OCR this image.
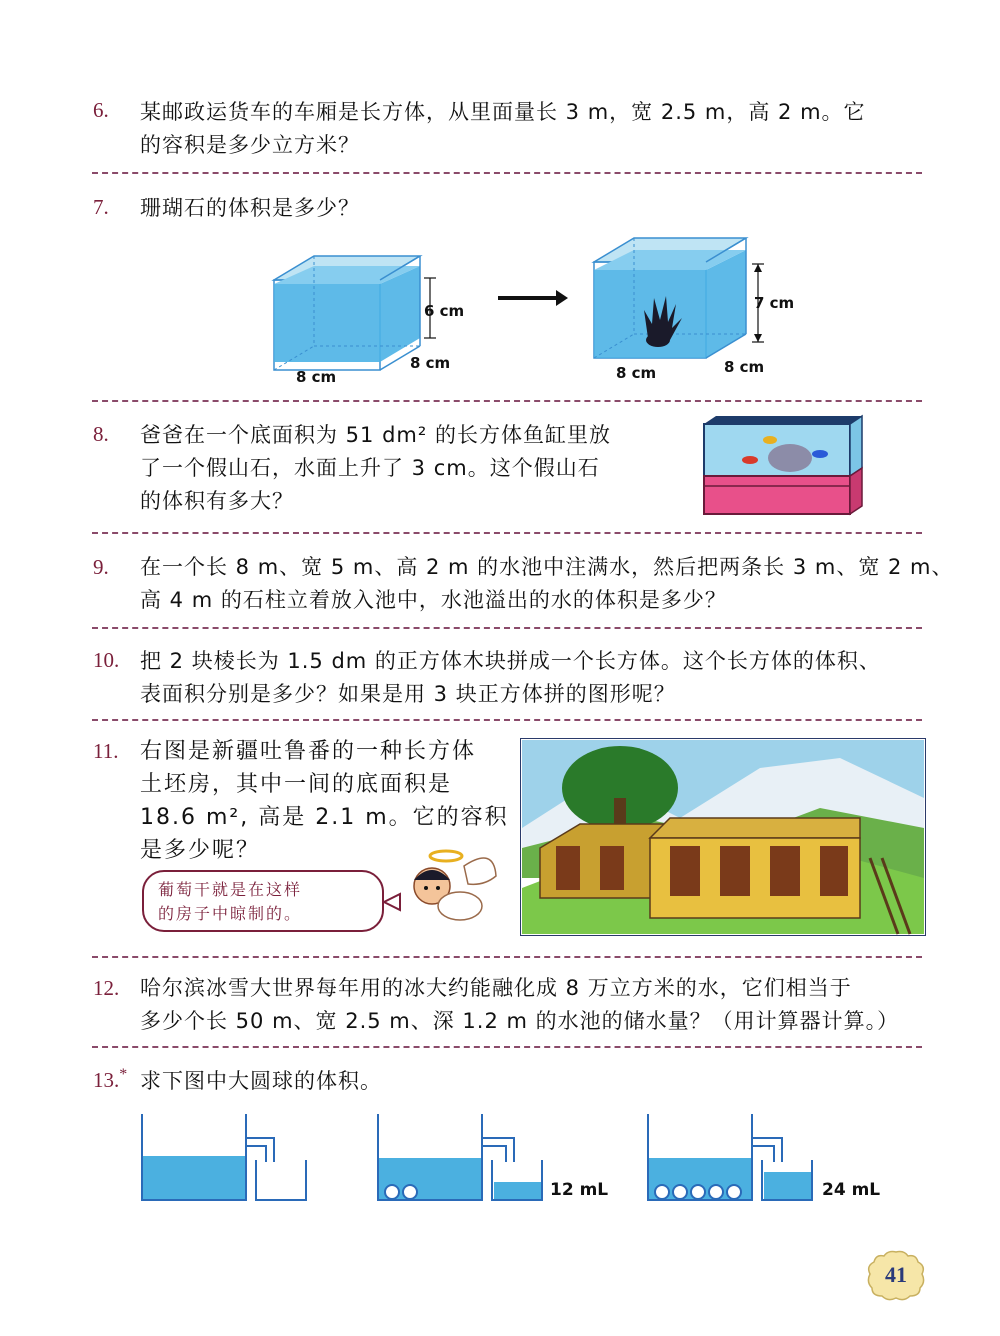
6. 某邮政运货车的车厢是长方体，从里面量长 3 m，宽 2.5 m，高 2 m。它
的容积是多少立方米？
7. 珊瑚石的体积是多少？
6 cm
8 cm
8 cm
7 cm
8 cm	8 cm
8. 爸爸在一个底面积为 51 dm² 的长方体鱼缸里放
了一个假山石，水面上升了 3 cm。这个假山石
的体积有多大？
9. 在一个长 8 m、宽 5 m、高 2 m 的水池中注满水，然后把两条长 3 m、宽 2 m、
高 4 m 的石柱立着放入池中，水池溢出的水的体积是多少？
10. 把 2 块棱长为 1.5 dm 的正方体木块拼成一个长方体。这个长方体的体积、
表面积分别是多少？如果是用 3 块正方体拼的图形呢？
11. 右图是新疆吐鲁番的一种长方体
土坯房，其中一间的底面积是
18.6 m², 高是 2.1 m。它的容积
是多少呢？
葡萄干就是在这样
的房子中晾制的。
12. 哈尔滨冰雪大世界每年用的冰大约能融化成 8 万立方米的水，它们相当于
多少个长 50 m、宽 2.5 m、深 1.2 m 的水池的储水量？（用计算器计算。）
13.* 求下图中大圆球的体积。
12 mL	24 mL
41
